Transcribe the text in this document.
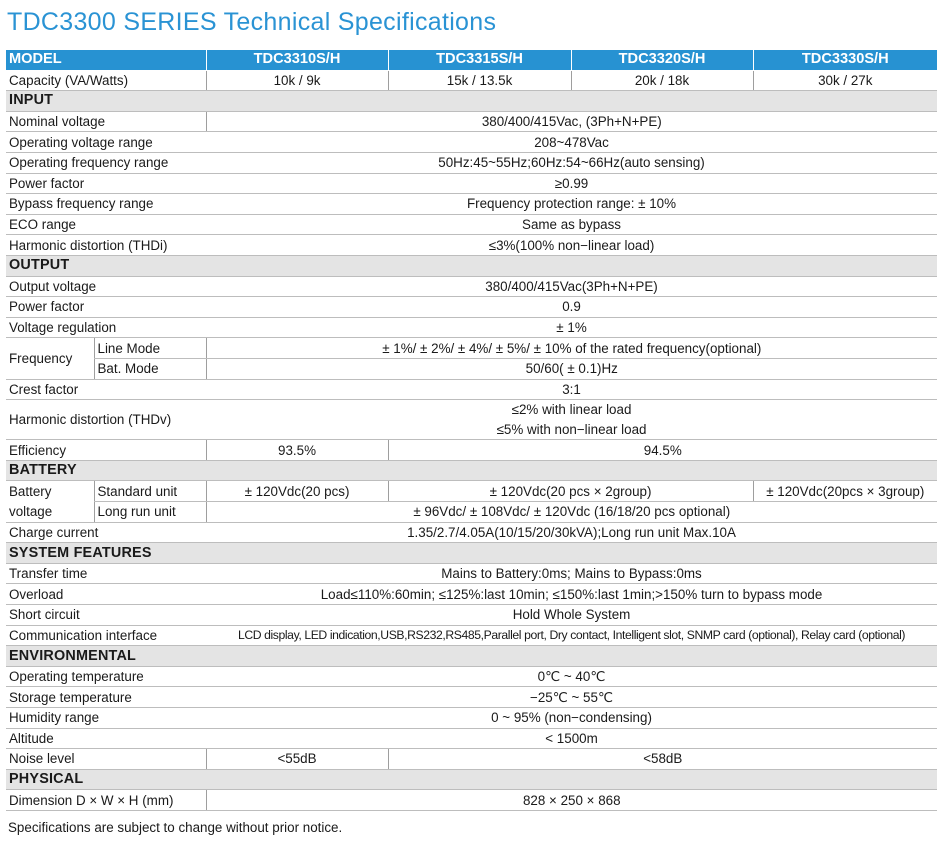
TDC3300 SERIES Technical Specifications
MODEL		TDC3310S/H	TDC3315S/H	TDC3320S/H	TDC3330S/H
Capacity (VA/Watts)		10k / 9k	15k / 13.5k	20k / 18k	30k / 27k
INPUT					
Nominal voltage		380/400/415Vac, (3Ph+N+PE)			
Operating voltage range		208~478Vac			
Operating frequency range		50Hz:45~55Hz;60Hz:54~66Hz(auto sensing)			
Power factor		≥0.99			
Bypass frequency range		Frequency protection range: ± 10%			
ECO range		Same as bypass			
Harmonic distortion (THDi)		≤3%(100% non−linear load)			
OUTPUT					
Output voltage		380/400/415Vac(3Ph+N+PE)			
Power factor		0.9			
Voltage regulation		± 1%			
Frequency	Line Mode	± 1%/ ± 2%/ ± 4%/ ± 5%/ ± 10% of the rated frequency(optional)			
	Bat. Mode	50/60( ± 0.1)Hz			
Crest factor		3:1			
Harmonic distortion (THDv)		≤2% with linear load			
		≤5% with non−linear load			
Efficiency		93.5%	94.5%		
BATTERY					
Battery	Standard unit	± 120Vdc(20 pcs)	± 120Vdc(20 pcs × 2group)		± 120Vdc(20pcs × 3group)
voltage	Long run unit	± 96Vdc/ ± 108Vdc/ ± 120Vdc (16/18/20 pcs optional)			
Charge current		1.35/2.7/4.05A(10/15/20/30kVA);Long run unit Max.10A			
SYSTEM FEATURES					
Transfer time		Mains to Battery:0ms; Mains to Bypass:0ms			
Overload		Load≤110%:60min; ≤125%:last 10min; ≤150%:last 1min;>150% turn to bypass mode			
Short circuit		Hold Whole System			
Communication interface		LCD display, LED indication,USB,RS232,RS485,Parallel port, Dry contact, Intelligent slot, SNMP card (optional), Relay card (optional)			
ENVIRONMENTAL					
Operating temperature		0℃ ~ 40℃			
Storage temperature		−25℃ ~ 55℃			
Humidity range		0 ~ 95% (non−condensing)			
Altitude		< 1500m			
Noise level		<55dB	<58dB		
PHYSICAL					
Dimension D × W × H (mm)		828 × 250 × 868			
Specifications are subject to change without prior notice.
